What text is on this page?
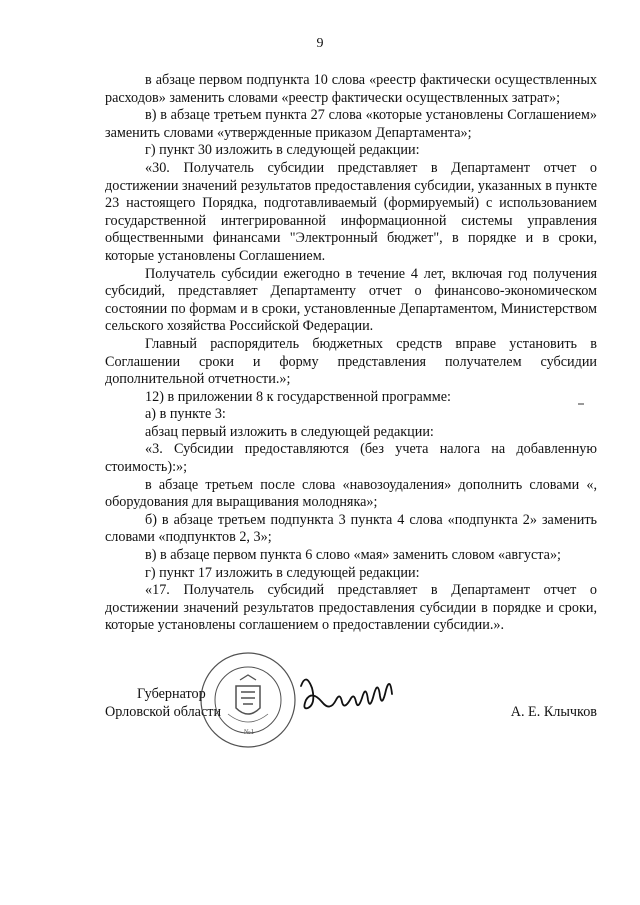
9

в абзаце первом подпункта 10 слова «реестр фактически осуществленных расходов» заменить словами «реестр фактически осуществленных затрат»;

в) в абзаце третьем пункта 27 слова «которые установлены Соглашением» заменить словами «утвержденные приказом Департамента»;

г) пункт 30 изложить в следующей редакции:

«30. Получатель субсидии представляет в Департамент отчет о достижении значений результатов предоставления субсидии, указанных в пункте 23 настоящего Порядка, подготавливаемый (формируемый) с использованием государственной интегрированной информационной системы управления общественными финансами "Электронный бюджет", в порядке и в сроки, которые установлены Соглашением.

Получатель субсидии ежегодно в течение 4 лет, включая год получения субсидий, представляет Департаменту отчет о финансово-экономическом состоянии по формам и в сроки, установленные Департаментом, Министерством сельского хозяйства Российской Федерации.

Главный распорядитель бюджетных средств вправе установить в Соглашении сроки и форму представления получателем субсидии дополнительной отчетности.»;

12) в приложении 8 к государственной программе:

а) в пункте 3:

абзац первый изложить в следующей редакции:

«3. Субсидии предоставляются (без учета налога на добавленную стоимость):»;

в абзаце третьем после слова «навозоудаления» дополнить словами «, оборудования для выращивания молодняка»;

б) в абзаце третьем подпункта 3 пункта 4 слова «подпункта 2» заменить словами «подпунктов 2, 3»;

в) в абзаце первом пункта 6 слово «мая» заменить словом «августа»;

г) пункт 17 изложить в следующей редакции:

«17. Получатель субсидий представляет в Департамент отчет о достижении значений результатов предоставления субсидии в порядке и сроки, которые установлены соглашением о предоставлении субсидии.».

Губернатор
Орловской области	А. Е. Клычков
№1
